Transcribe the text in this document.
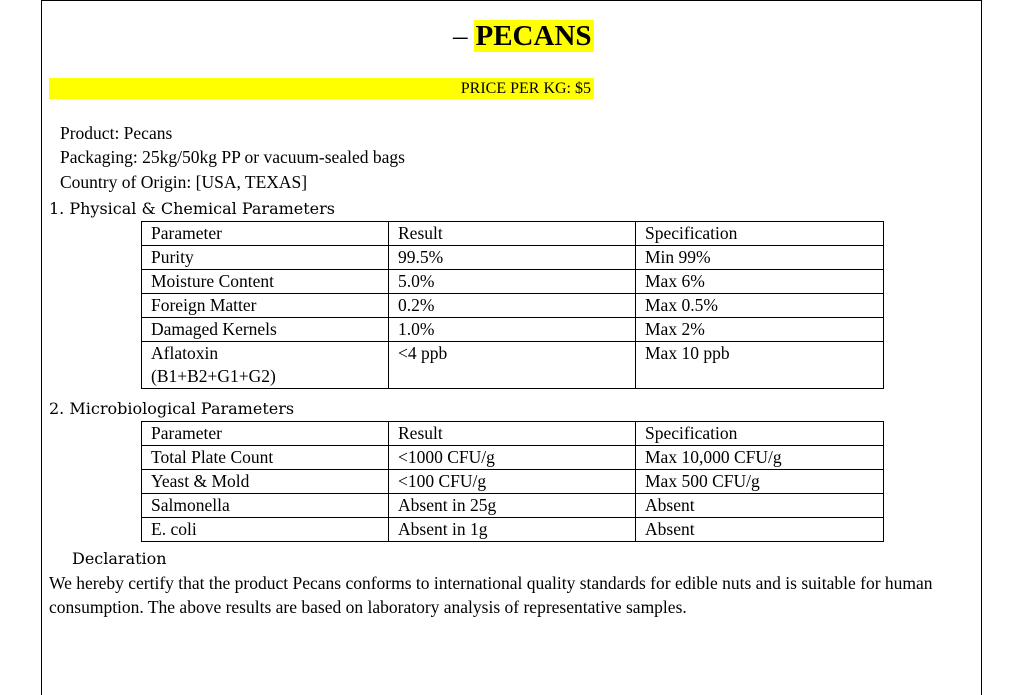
– PECANS
PRICE PER KG: $5
Product: Pecans
Packaging: 25kg/50kg PP or vacuum-sealed bags
Country of Origin: [USA, TEXAS]
1. Physical & Chemical Parameters
Parameter	Result	Specification
Purity	99.5%	Min 99%
Moisture Content	5.0%	Max 6%
Foreign Matter	0.2%	Max 0.5%
Damaged Kernels	1.0%	Max 2%
Aflatoxin
(B1+B2+G1+G2)	<4 ppb	Max 10 ppb
2. Microbiological Parameters
Parameter	Result	Specification
Total Plate Count	<1000 CFU/g	Max 10,000 CFU/g
Yeast & Mold	<100 CFU/g	Max 500 CFU/g
Salmonella	Absent in 25g	Absent
E. coli	Absent in 1g	Absent
Declaration
We hereby certify that the product Pecans conforms to international quality standards for edible nuts and is suitable for human consumption. The above results are based on laboratory analysis of representative samples.
